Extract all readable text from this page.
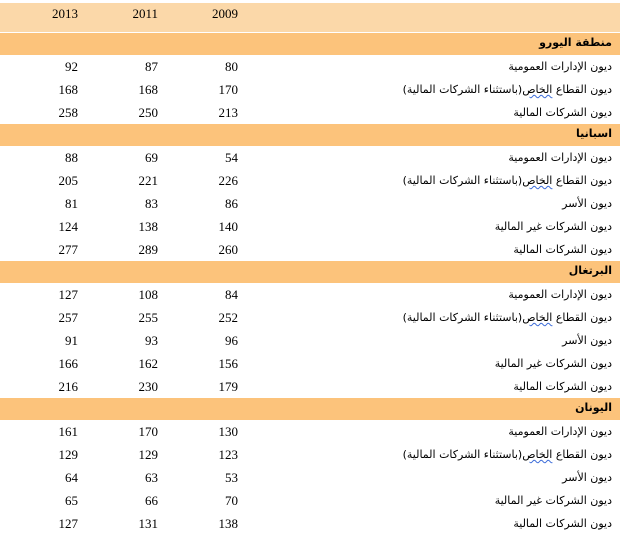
2013	2011	2009
منطقة اليورو
92	87	80	ديون الإدارات العمومية
168	168	170	ديون القطاع الخاص(باستثناء الشركات المالية)
258	250	213	ديون الشركات المالية
اسبانيا
88	69	54	ديون الإدارات العمومية
205	221	226	ديون القطاع الخاص(باستثناء الشركات المالية)
81	83	86	ديون الأسر
124	138	140	ديون الشركات غير المالية
277	289	260	ديون الشركات المالية
البرتغال
127	108	84	ديون الإدارات العمومية
257	255	252	ديون القطاع الخاص(باستثناء الشركات المالية)
91	93	96	ديون الأسر
166	162	156	ديون الشركات غير المالية
216	230	179	ديون الشركات المالية
اليونان
161	170	130	ديون الإدارات العمومية
129	129	123	ديون القطاع الخاص(باستثناء الشركات المالية)
64	63	53	ديون الأسر
65	66	70	ديون الشركات غير المالية
127	131	138	ديون الشركات المالية
